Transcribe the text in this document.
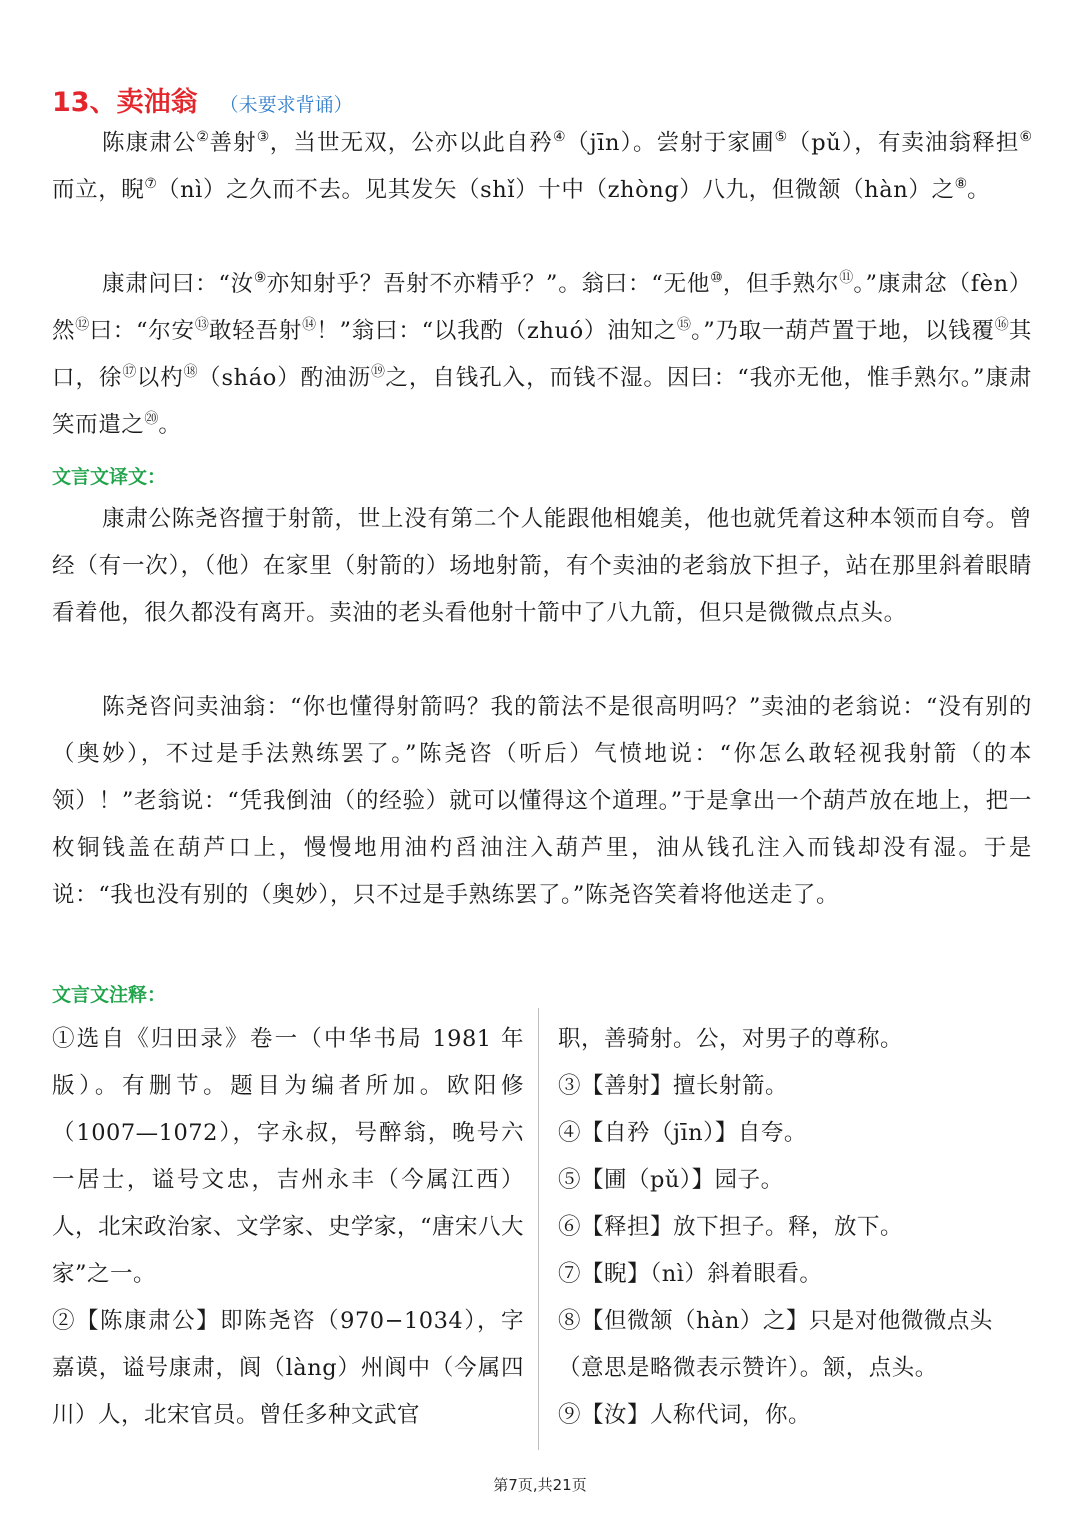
13、卖油翁 （未要求背诵）
陈康肃公②善射③，当世无双，公亦以此自矜④（jīn）。尝射于家圃⑤（pǔ），有卖油翁释担⑥而立，睨⑦（nì）之久而不去。见其发矢（shǐ）十中（zhòng）八九，但微颔（hàn）之⑧。
康肃问曰：“汝⑨亦知射乎？吾射不亦精乎？”。翁曰：“无他⑩，但手熟尔⑪。”康肃忿（fèn）然⑫曰：“尔安⑬敢轻吾射⑭！”翁曰：“以我酌（zhuó）油知之⑮。”乃取一葫芦置于地，以钱覆⑯其口，徐⑰以杓⑱（sháo）酌油沥⑲之，自钱孔入，而钱不湿。因曰：“我亦无他，惟手熟尔。”康肃笑而遣之⑳。
文言文译文：
康肃公陈尧咨擅于射箭，世上没有第二个人能跟他相媲美，他也就凭着这种本领而自夸。曾经（有一次），（他）在家里（射箭的）场地射箭，有个卖油的老翁放下担子，站在那里斜着眼睛看着他，很久都没有离开。卖油的老头看他射十箭中了八九箭，但只是微微点点头。
陈尧咨问卖油翁：“你也懂得射箭吗？我的箭法不是很高明吗？”卖油的老翁说：“没有别的（奥妙），不过是手法熟练罢了。”陈尧咨（听后）气愤地说：“你怎么敢轻视我射箭（的本领）！”老翁说：“凭我倒油（的经验）就可以懂得这个道理。”于是拿出一个葫芦放在地上，把一枚铜钱盖在葫芦口上，慢慢地用油杓舀油注入葫芦里，油从钱孔注入而钱却没有湿。于是说：“我也没有别的（奥妙），只不过是手熟练罢了。”陈尧咨笑着将他送走了。
文言文注释：

①选自《归田录》卷一（中华书局 1981 年版）。有删节。题目为编者所加。欧阳修（1007—1072），字永叔，号醉翁，晚号六一居士，谥号文忠，吉州永丰（今属江西）人，北宋政治家、文学家、史学家，“唐宋八大家”之一。

②【陈康肃公】即陈尧咨（970−1034），字嘉谟，谥号康肃，阆（làng）州阆中（今属四川）人，北宋官员。曾任多种文武官

职，善骑射。公，对男子的尊称。

③【善射】擅长射箭。

④【自矜（jīn）】自夸。

⑤【圃（pǔ）】园子。

⑥【释担】放下担子。释，放下。

⑦【睨】（nì）斜着眼看。

⑧【但微颔（hàn）之】只是对他微微点头（意思是略微表示赞许）。颔，点头。

⑨【汝】人称代词，你。

第7页,共21页
